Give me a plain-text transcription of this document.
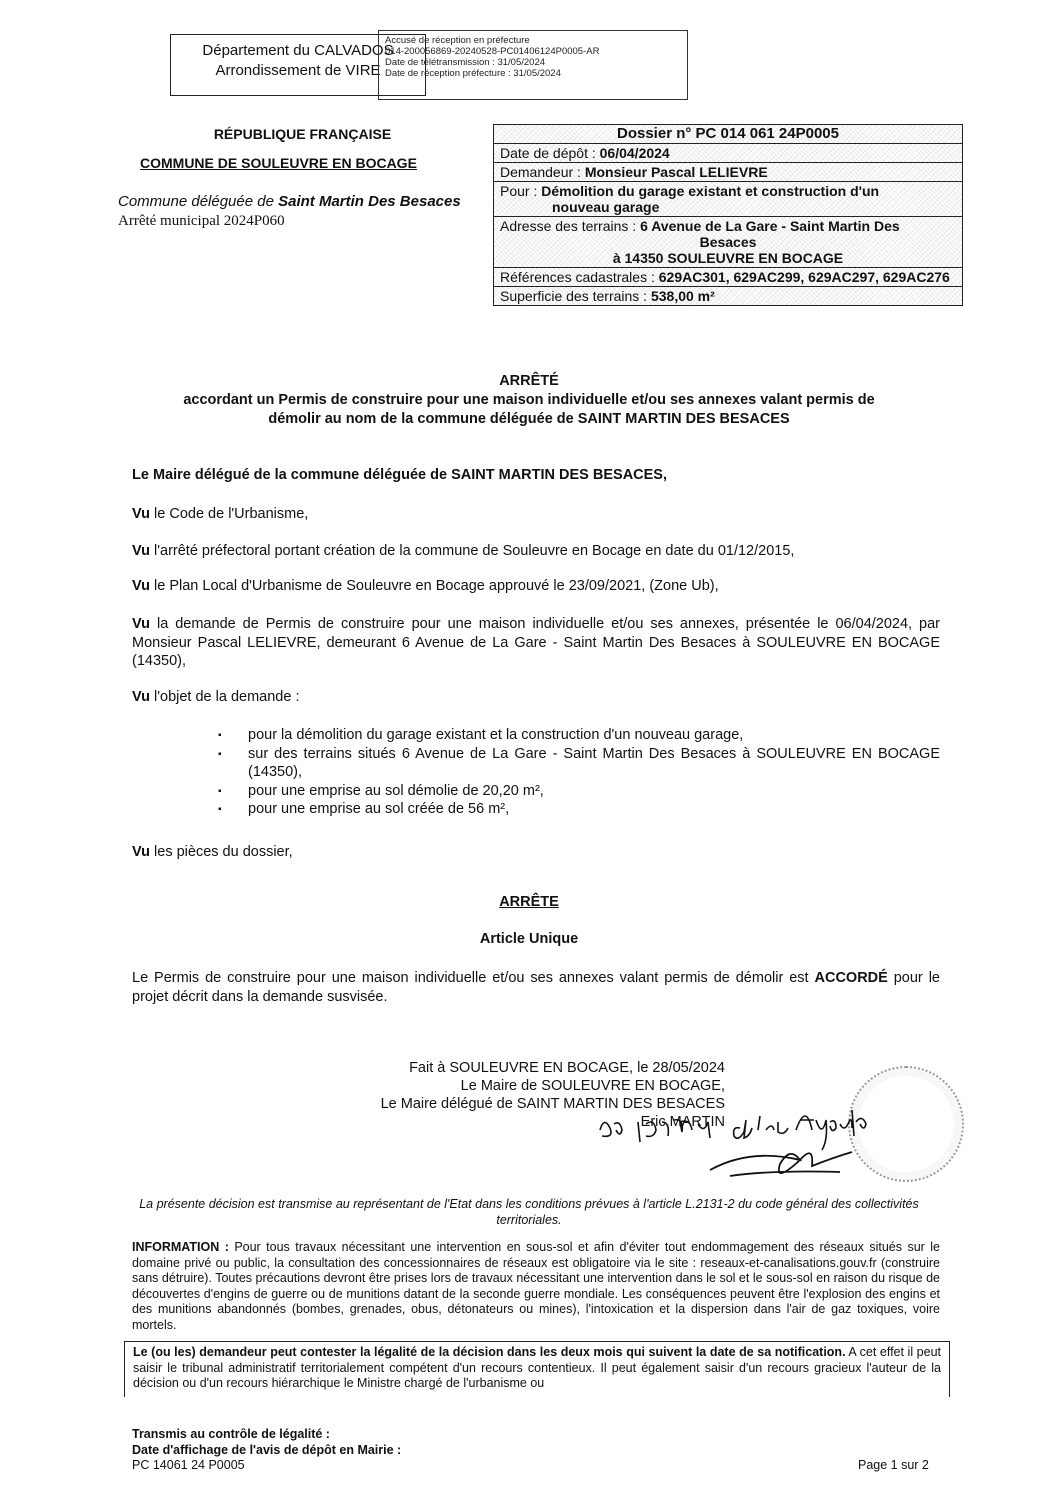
Département du CALVADOS
Arrondissement de VIRE
Accusé de réception en préfecture
014-200056869-20240528-PC01406124P0005-AR
Date de télétransmission : 31/05/2024
Date de réception préfecture : 31/05/2024
RÉPUBLIQUE FRANÇAISE
COMMUNE DE SOULEUVRE EN BOCAGE
Commune déléguée de Saint Martin Des Besaces
Arrêté municipal 2024P060
Dossier n° PC 014 061 24P0005
Date de dépôt : 06/04/2024
Demandeur : Monsieur Pascal LELIEVRE
Pour : Démolition du garage existant et construction d'un
nouveau garage
Adresse des terrains : 6 Avenue de La Gare - Saint Martin Des
Besaces
à 14350 SOULEUVRE EN BOCAGE
Références cadastrales : 629AC301, 629AC299, 629AC297, 629AC276
Superficie des terrains : 538,00 m²
ARRÊTÉ
accordant un Permis de construire pour une maison individuelle et/ou ses annexes valant permis de
démolir au nom de la commune déléguée de SAINT MARTIN DES BESACES
Le Maire délégué de la commune déléguée de SAINT MARTIN DES BESACES,
Vu le Code de l'Urbanisme,
Vu l'arrêté préfectoral portant création de la commune de Souleuvre en Bocage en date du 01/12/2015,
Vu le Plan Local d'Urbanisme de Souleuvre en Bocage approuvé le 23/09/2021, (Zone Ub),
Vu la demande de Permis de construire pour une maison individuelle et/ou ses annexes, présentée le 06/04/2024, par Monsieur Pascal LELIEVRE, demeurant 6 Avenue de La Gare - Saint Martin Des Besaces à SOULEUVRE EN BOCAGE (14350),
Vu l'objet de la demande :
▪ pour la démolition du garage existant et la construction d'un nouveau garage,
▪ sur des terrains situés 6 Avenue de La Gare - Saint Martin Des Besaces à SOULEUVRE EN BOCAGE (14350),
▪ pour une emprise au sol démolie de 20,20 m²,
▪ pour une emprise au sol créée de 56 m²,
Vu les pièces du dossier,
ARRÊTE
Article Unique
Le Permis de construire pour une maison individuelle et/ou ses annexes valant permis de démolir est ACCORDÉ pour le projet décrit dans la demande susvisée.
Fait à SOULEUVRE EN BOCAGE, le 28/05/2024
Le Maire de SOULEUVRE EN BOCAGE,
Le Maire délégué de SAINT MARTIN DES BESACES
Eric MARTIN
La présente décision est transmise au représentant de l'Etat dans les conditions prévues à l'article L.2131-2 du code général des collectivités territoriales.
INFORMATION : Pour tous travaux nécessitant une intervention en sous-sol et afin d'éviter tout endommagement des réseaux situés sur le domaine privé ou public, la consultation des concessionnaires de réseaux est obligatoire via le site : reseaux-et-canalisations.gouv.fr (construire sans détruire). Toutes précautions devront être prises lors de travaux nécessitant une intervention dans le sol et le sous-sol en raison du risque de découvertes d'engins de guerre ou de munitions datant de la seconde guerre mondiale. Les conséquences peuvent être l'explosion des engins et des munitions abandonnés (bombes, grenades, obus, détonateurs ou mines), l'intoxication et la dispersion dans l'air de gaz toxiques, voire mortels.
Le (ou les) demandeur peut contester la légalité de la décision dans les deux mois qui suivent la date de sa notification. A cet effet il peut saisir le tribunal administratif territorialement compétent d'un recours contentieux. Il peut également saisir d'un recours gracieux l'auteur de la décision ou d'un recours hiérarchique le Ministre chargé de l'urbanisme ou
Transmis au contrôle de légalité :
Date d'affichage de l'avis de dépôt en Mairie :
PC 14061 24 P0005	Page 1 sur 2
